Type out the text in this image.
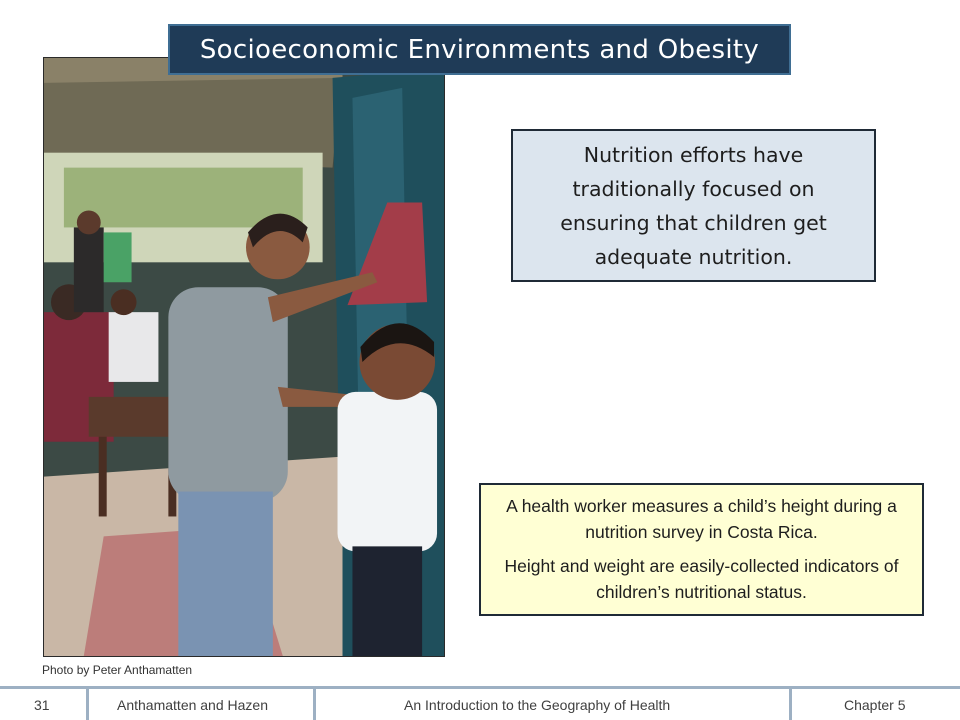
Socioeconomic Environments and Obesity
Nutrition efforts have traditionally focused on ensuring that children get adequate nutrition.

A health worker measures a child’s height during a nutrition survey in Costa Rica.

Height and weight are easily-collected indicators of children’s nutritional status.

Photo by Peter Anthamatten
31	Anthamatten and Hazen	An Introduction to the Geography of Health	Chapter 5
